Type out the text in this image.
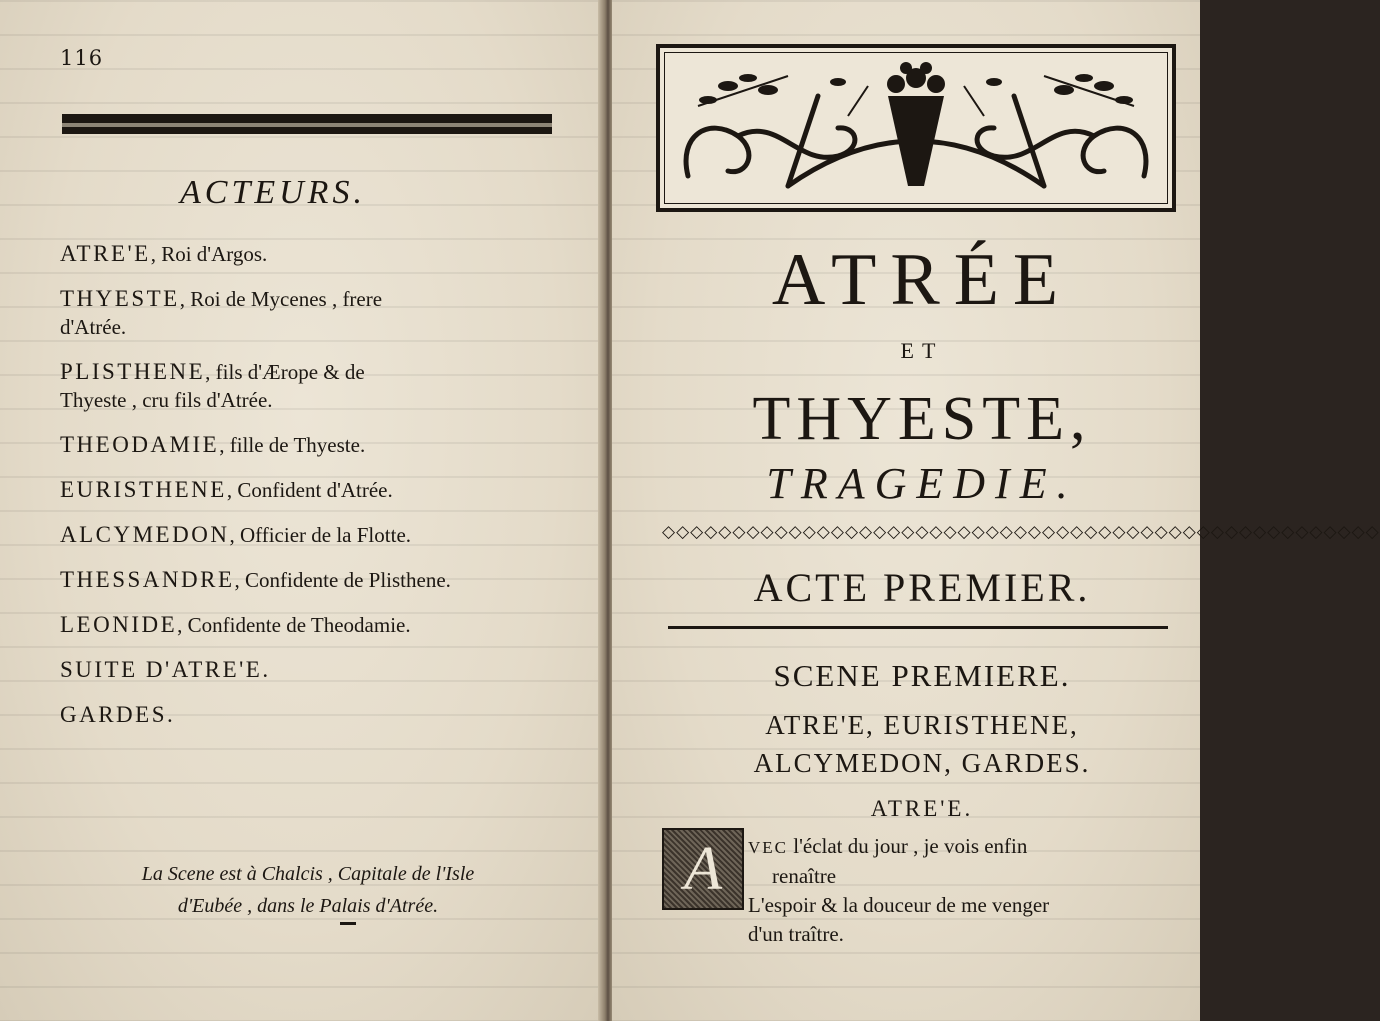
116
ACTEURS.
ATRE'E, Roi d'Argos.
THYESTE, Roi de Mycenes , frere
d'Atrée.
PLISTHENE, fils d'Ærope & de
Thyeste , cru fils d'Atrée.
THEODAMIE, fille de Thyeste.
EURISTHENE, Confident d'Atrée.
ALCYMEDON, Officier de la Flotte.
THESSANDRE, Confidente de Plisthene.
LEONIDE, Confidente de Theodamie.
SUITE D'ATRE'E.
GARDES.
La Scene est à Chalcis , Capitale de l'Isle
d'Eubée , dans le Palais d'Atrée.
ATRÉE
ET
THYESTE,
TRAGEDIE.
◇◇◇◇◇◇◇◇◇◇◇◇◇◇◇◇◇◇◇◇◇◇◇◇◇◇◇◇◇◇◇◇◇◇◇◇◇◇◇◇◇◇◇◇◇◇◇◇◇◇◇
ACTE PREMIER.
SCENE PREMIERE.
ATRE'E, EURISTHENE,
ALCYMEDON, GARDES.
ATRE'E.
A	VEC l'éclat du jour , je vois enfin
renaître
L'espoir & la douceur de me venger
d'un traître.
